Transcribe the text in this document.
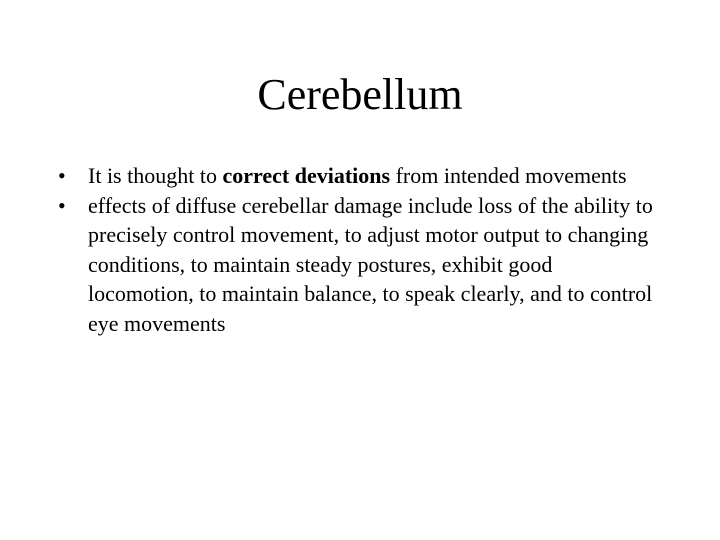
Cerebellum
• It is thought to correct deviations from intended movements
• effects of diffuse cerebellar damage include loss of the ability to precisely control movement, to adjust motor output to changing conditions, to maintain steady postures, exhibit good locomotion, to maintain balance, to speak clearly, and to control eye movements
